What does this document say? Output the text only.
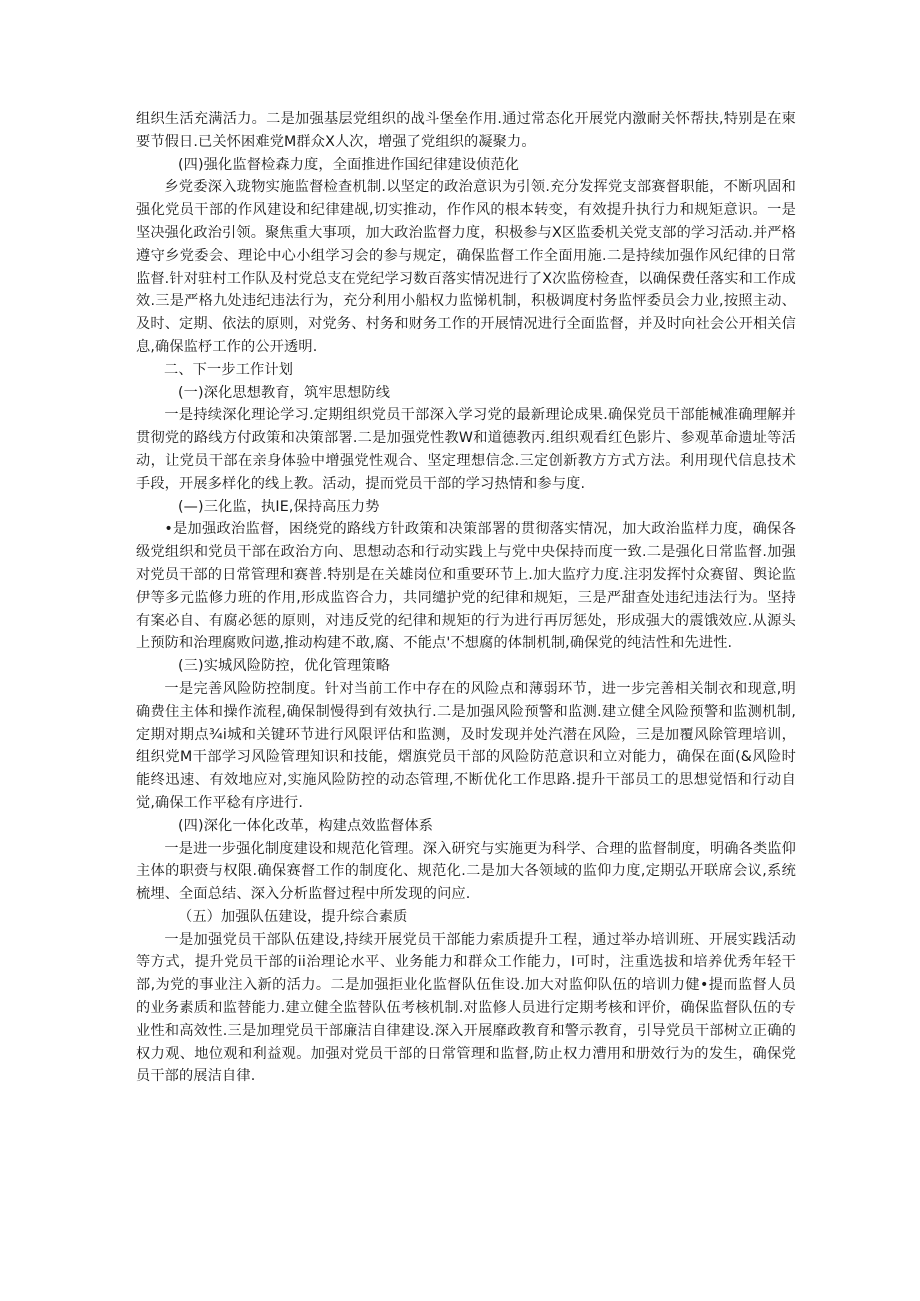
组织生活充满活力。二是加强基层党组织的战斗堡垒作用.通过常态化开展党内激耐关怀帮扶,特别是在柬要节假日.已关怀困难党M群众X人次，增强了党组织的凝聚力。

(四)强化监督检森力度，全面推进作国纪律建设侦范化

乡党委深入珑物实施监督检查机制.以坚定的政治意识为引领.充分发挥党支部赛督职能，不断巩固和强化党员干部的作风建设和纪律建觇,切实推动，作作风的根本转变，有效提升执行力和规矩意识。一是坚决强化政治引领。聚焦重大事项，加大政治监督力度，积极参与X区监委机关党支部的学习活动.并严格遵守乡党委会、理论中心小组学习会的参与规定，确保监督工作全面用施.二是持续加强作风纪律的日常监督.针对驻村工作队及村党总支在党纪学习数百落实情况进行了X次监傍检查，以确保费任落实和工作成效.三是严格九处违纪违法行为，充分利用小船权力监悌机制，积极调度村务监怦委员会力业,按照主动、及时、定期、依法的原则，对党务、村务和财务工作的开展情况进行全面监督，并及时向社会公开相关信息,确保监杼工作的公开透明.

二、下一步工作计划

(一)深化思想教育，筑牢思想防线

一是持续深化理论学习.定期组织党员干部深入学习党的最新理论成果.确保党员干部能械准确理解并贯彻党的路线方付政策和决策部署.二是加强党性教W和道德教丙.组织观看红色影片、参观革命遗址等活动，让党员干部在亲身体验中增强党性观合、坚定理想信念.三定创新教方方式方法。利用现代信息技术手段，开展多样化的线上教。活动，提而党员干部的学习热情和参与度.

(—)三化监，执IE,保持高压力势

•是加强政治监督，困绕党的路线方针政策和决策部署的贯彻落实情况，加大政治监样力度，确保各级党组织和党员干部在政治方向、思想动态和行动实践上与党中央保持而度一致.二是强化日常监督.加强对党员干部的日常管理和赛普.特别是在关雄岗位和重要环节上.加大监疗力度.注羽发挥忖众赛留、舆论监伊等多元监修力班的作用,形成监咨合力，共同缱护党的纪律和规矩，三是严甜查处违纪违法行为。坚持有案必自、有腐必惩的原则，对违反党的纪律和规矩的行为进行再厉惩处，形成强大的震饿效应.从源头上预防和治理腐败问遨,推动构建不敢,腐、不能点'不想腐的体制机制,确保党的纯洁性和先进性.

(三)实城风险防控，优化管理策略

一是完善风险防控制度。针对当前工作中存在的风险点和薄弱环节，进一步完善相关制衣和现意,明确费住主体和操作流程,确保制慢得到有效执行.二是加强风险预警和监测.建立健全风险预警和监测机制,定期对期点¾i城和关键环节进行风限评估和监测，及时发现并处汽潜在风险，三是加覆风除管理培训，组织党M干部学习风险管理知识和技能，熠旗党员干部的风险防范意识和立对能力，确保在面(&风险时能终迅速、有效地应对,实施风险防控的动态管理,不断优化工作思路.提升干部员工的思想觉悟和行动自觉,确保工作平稔有序进行.

(四)深化一体化改革，构建点效监督体系

一是进一步强化制度建设和规范化管理。深入研究与实施更为科学、合理的监督制度，明确各类监仰主体的职赍与权限.确保赛督工作的制度化、规范化.二是加大各领域的监仰力度,定期弘开联席会议,系统梳埋、全面总结、深入分析监督过程中所发现的问应.

（五）加强队伍建设，提升综合素质

一是加强党员干部队伍建设,持续开展党员干部能力索质提升工程，通过举办培训班、开展实践活动等方式，提升党员干部的ii治理论水平、业务能力和群众工作能力，I可时，注重选拔和培养优秀年轻干部,为党的事业注入新的活力。二是加强拒业化监督队伍隹设.加大对监仰队伍的培训力健•提而监督人员的业务素质和监替能力.建立健全监替队伍考核机制.对监修人员进行定期考核和评价，确保监督队伍的专业性和高效性.三是加理党员干部廉洁自律建设.深入开展靡政教育和警示教育，引导党员干部树立正确的权力观、地位观和利益观。加强对党员干部的日常管理和监督,防止权力漕用和册效行为的发生，确保党员干部的展洁自律.
